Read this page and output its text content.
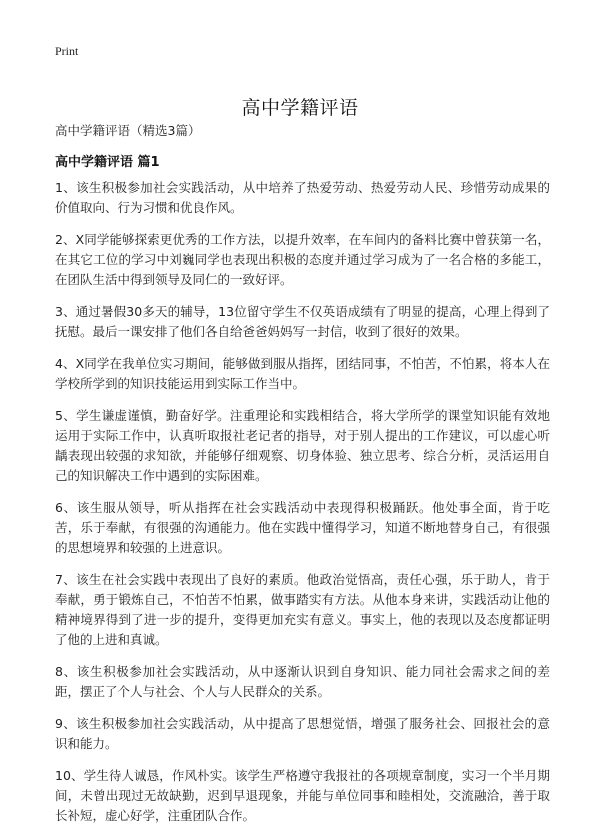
Print
高中学籍评语
高中学籍评语（精选3篇）
高中学籍评语 篇1

1、该生积极参加社会实践活动，从中培养了热爱劳动、热爱劳动人民、珍惜劳动成果的价值取向、行为习惯和优良作风。

2、X同学能够探索更优秀的工作方法，以提升效率，在车间内的备料比赛中曾获第一名，在其它工位的学习中刘巍同学也表现出积极的态度并通过学习成为了一名合格的多能工，在团队生活中得到领导及同仁的一致好评。

3、通过暑假30多天的辅导，13位留守学生不仅英语成绩有了明显的提高，心理上得到了抚慰。最后一课安排了他们各自给爸爸妈妈写一封信，收到了很好的效果。

4、X同学在我单位实习期间，能够做到服从指挥，团结同事，不怕苦，不怕累，将本人在学校所学到的知识技能运用到实际工作当中。

5、学生谦虚谨慎，勤奋好学。注重理论和实践相结合，将大学所学的课堂知识能有效地运用于实际工作中，认真听取报社老记者的指导，对于别人提出的工作建议，可以虚心听龋表现出较强的求知欲，并能够仔细观察、切身体验、独立思考、综合分析，灵活运用自己的知识解决工作中遇到的实际困难。

6、该生服从领导，听从指挥在社会实践活动中表现得积极踊跃。他处事全面，肯于吃苦，乐于奉献，有很强的沟通能力。他在实践中懂得学习，知道不断地替身自己，有很强的思想境界和较强的上进意识。

7、该生在社会实践中表现出了良好的素质。他政治觉悟高，责任心强，乐于助人，肯于奉献，勇于锻炼自己，不怕苦不怕累，做事踏实有方法。从他本身来讲，实践活动让他的精神境界得到了进一步的提升，变得更加充实有意义。事实上，他的表现以及态度都证明了他的上进和真诚。

8、该生积极参加社会实践活动，从中逐渐认识到自身知识、能力同社会需求之间的差距，摆正了个人与社会、个人与人民群众的关系。

9、该生积极参加社会实践活动，从中提高了思想觉悟，增强了服务社会、回报社会的意识和能力。

10、学生待人诚恳，作风朴实。该学生严格遵守我报社的各项规章制度，实习一个半月期间，未曾出现过无故缺勤，迟到早退现象，并能与单位同事和睦相处，交流融洽，善于取长补短，虚心好学，注重团队合作。
